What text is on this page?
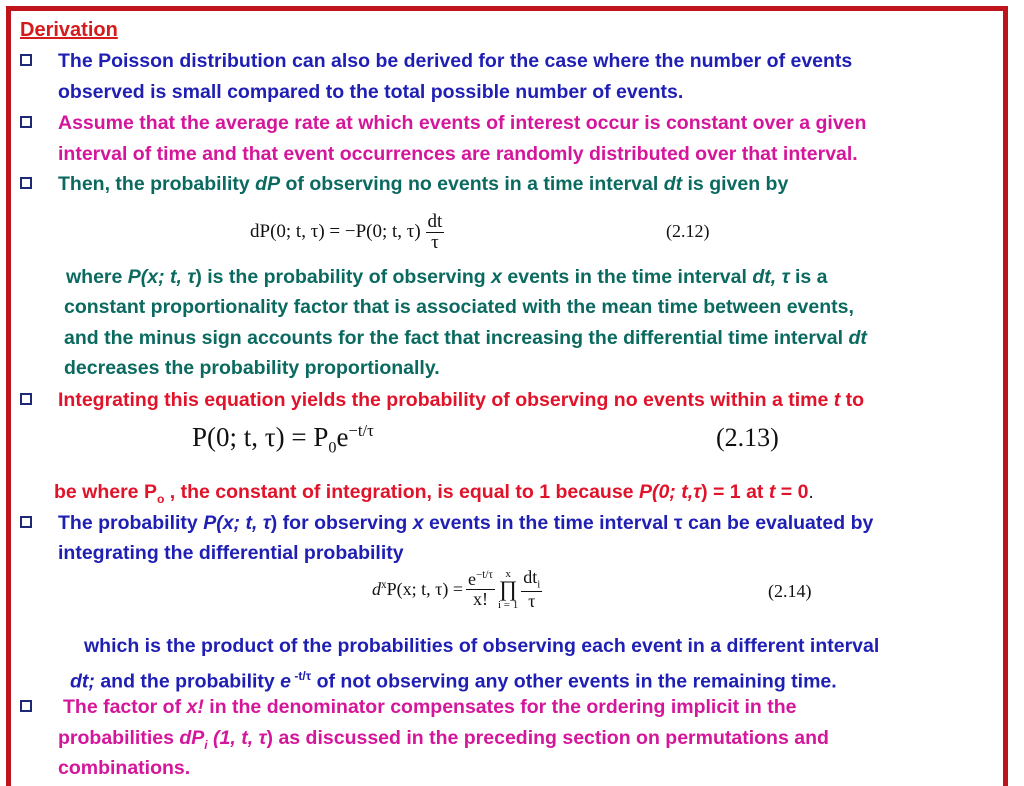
Derivation

The Poisson distribution can also be derived for the case where the number of events

observed is small compared to the total possible number of events.

Assume that the average rate at which events of interest occur is constant over a given

interval of time and that event occurrences are randomly distributed over that interval.

Then, the probability dP of observing no events in a time interval dt is given by

dP(0; t, τ) = −P(0; t, $\tau) \frac{dt}{\tau}$	(2.12)

where P(x; t, τ) is the probability of observing x events in the time interval dt, τ is a

constant proportionality factor that is associated with the mean time between events,

and the minus sign accounts for the fact that increasing the differential time interval dt

decreases the probability proportionally.

Integrating this equation yields the probability of observing no events within a time t to

P(0; t, $\tau) = P_0e^{-t/\tau}$	(2.13)

be where $P_o$ , the constant of integration, is equal to 1 because P(0; t,τ) = 1 at t = 0.

The probability P(x; t, τ) for observing x events in the time interval τ can be evaluated by

integrating the differential probability

$d^xP(x$; t, $\tau) = \frac{e^{-t/\tau}}{x!}$ x
∏
$i = 1 \frac{dt_i}{\tau}$	(2.14)

which is the product of the probabilities of observing each event in a different interval

dt; and the probability e $^{-t/\tau}$ of not observing any other events in the remaining time.

The factor of x! in the denominator compensates for the ordering implicit in the

probabilities $dP_i$ (1, t, τ) as discussed in the preceding section on permutations and

combinations.
